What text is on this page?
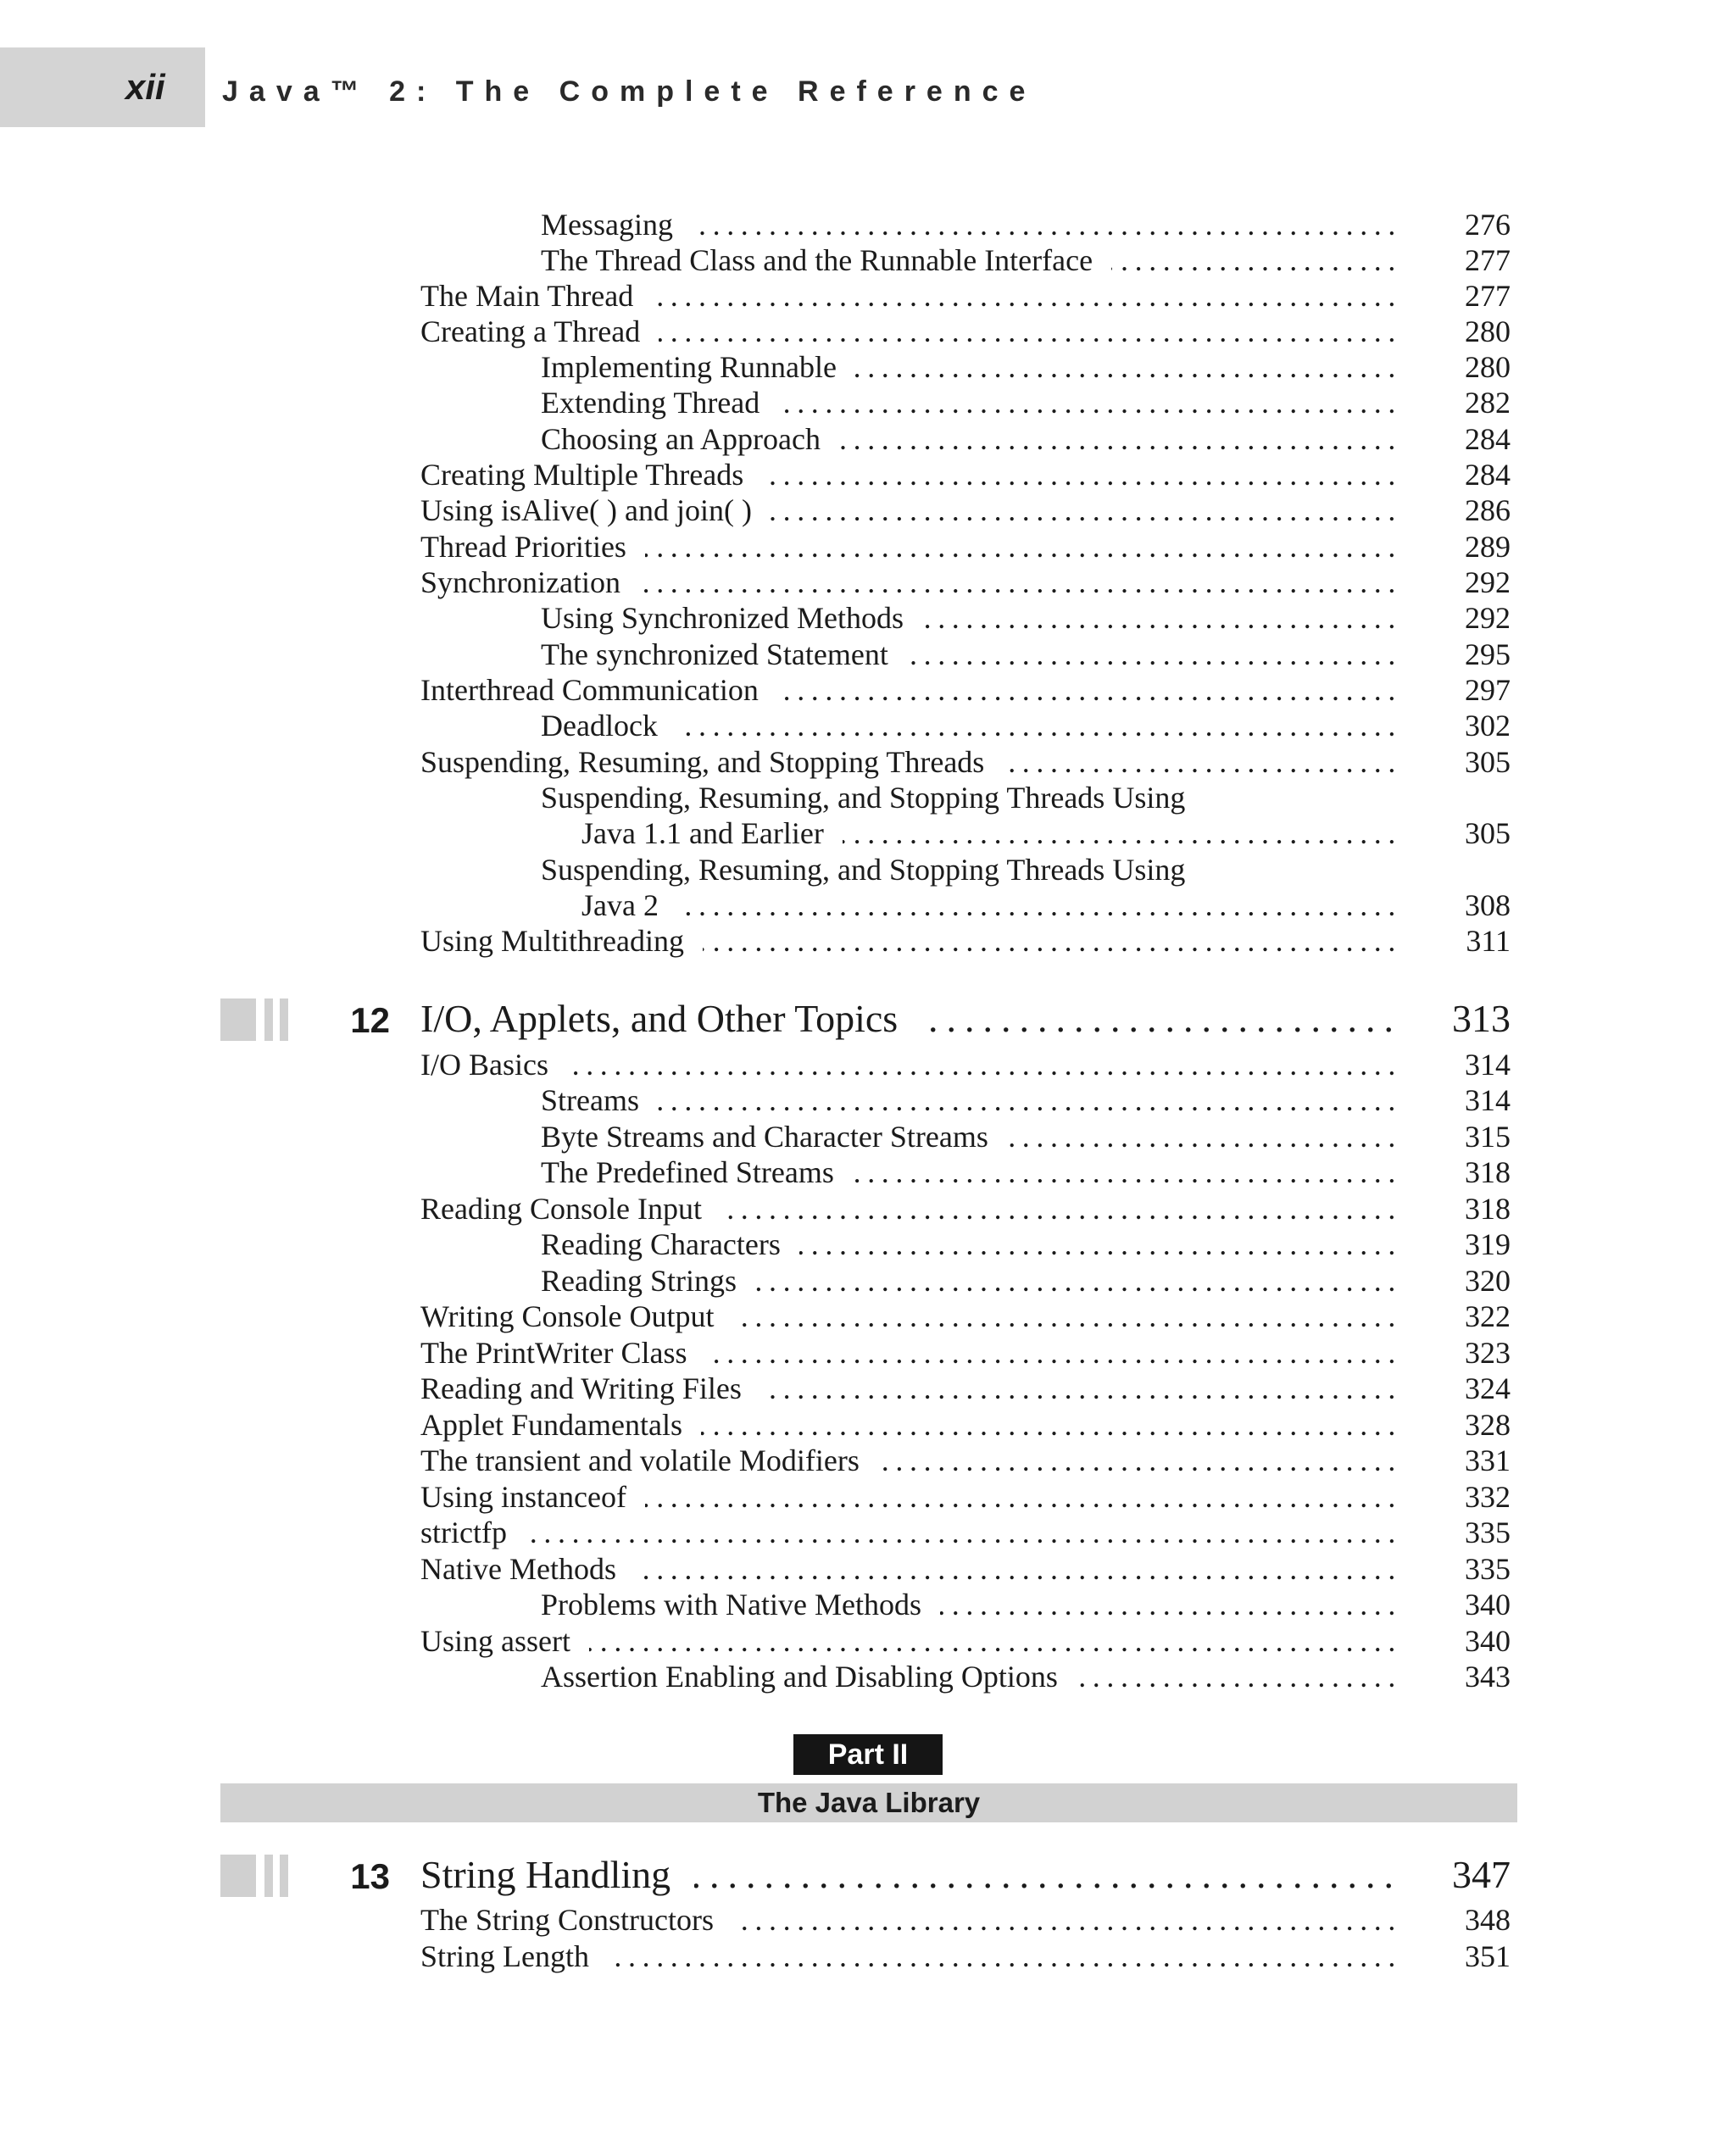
xii Java™ 2: The Complete Reference
Messaging .....	276
The Thread Class and the Runnable Interface .....	277
The Main Thread .....	277
Creating a Thread .....	280
Implementing Runnable .....	280
Extending Thread .....	282
Choosing an Approach .....	284
Creating Multiple Threads .....	284
Using isAlive( ) and join( ) .....	286
Thread Priorities .....	289
Synchronization .....	292
Using Synchronized Methods .....	292
The synchronized Statement .....	295
Interthread Communication .....	297
Deadlock .....	302
Suspending, Resuming, and Stopping Threads .....	305
Suspending, Resuming, and Stopping Threads Using
Java 1.1 and Earlier .....	305
Suspending, Resuming, and Stopping Threads Using
Java 2 .....	308
Using Multithreading .....	311
12 I/O, Applets, and Other Topics .....	313
I/O Basics .....	314
Streams .....	314
Byte Streams and Character Streams .....	315
The Predefined Streams .....	318
Reading Console Input .....	318
Reading Characters .....	319
Reading Strings .....	320
Writing Console Output .....	322
The PrintWriter Class .....	323
Reading and Writing Files .....	324
Applet Fundamentals .....	328
The transient and volatile Modifiers .....	331
Using instanceof .....	332
strictfp .....	335
Native Methods .....	335
Problems with Native Methods .....	340
Using assert .....	340
Assertion Enabling and Disabling Options .....	343
Part II
The Java Library
13 String Handling .....	347
The String Constructors .....	348
String Length .....	351
